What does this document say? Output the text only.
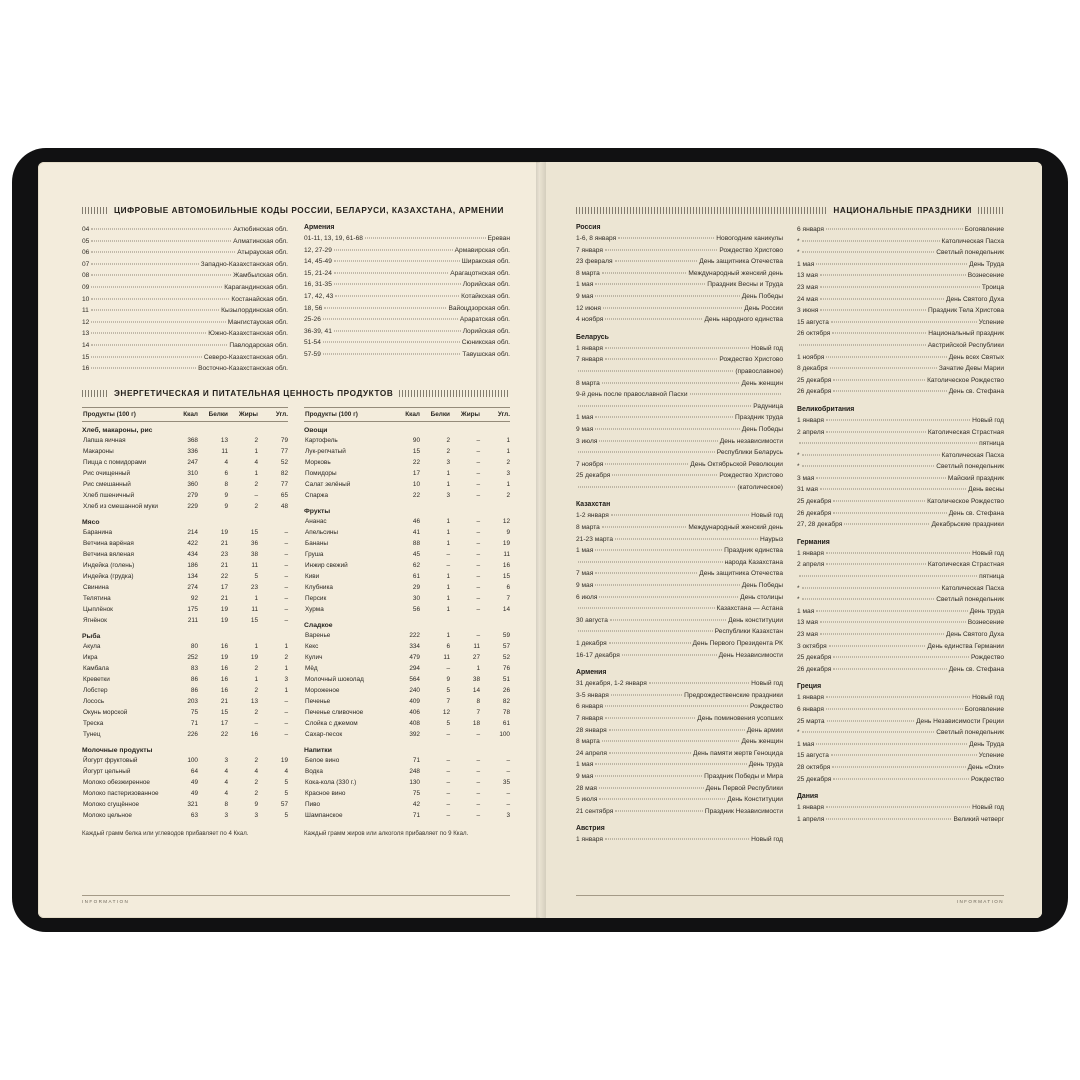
ЦИФРОВЫЕ АВТОМОБИЛЬНЫЕ КОДЫ РОССИИ, БЕЛАРУСИ, КАЗАХСТАНА, АРМЕНИИ
04	Актюбинская обл.
05	Алматинская обл.
06	Атырауская обл.
07	Западно-Казахстанская обл.
08	Жамбылская обл.
09	Карагандинская обл.
10	Костанайская обл.
11	Кызылординская обл.
12	Мангистауская обл.
13	Южно-Казахстанская обл.
14	Павлодарская обл.
15	Северо-Казахстанская обл.
16	Восточно-Казахстанская обл.
Армения
01-11, 13, 19, 61-68	Ереван
12, 27-29	Армавирская обл.
14, 45-49	Ширакская обл.
15, 21-24	Арагацотнская обл.
16, 31-35	Лорийская обл.
17, 42, 43	Котайкская обл.
18, 56	Вайоцдзорская обл.
25-26	Араратская обл.
36-39, 41	Лорийская обл.
51-54	Сюникская обл.
57-59	Тавушская обл.
ЭНЕРГЕТИЧЕСКАЯ И ПИТАТЕЛЬНАЯ ЦЕННОСТЬ ПРОДУКТОВ
Продукты (100 г)	Ккал	Белки	Жиры	Угл.
Хлеб, макароны, рис
Лапша яичная	368	13	2	79
Макароны	336	11	1	77
Пицца с помидорами	247	4	4	52
Рис очищенный	310	6	1	82
Рис смешанный	360	8	2	77
Хлеб пшеничный	279	9	–	65
Хлеб из смешанной муки	229	9	2	48
Мясо
Баранина	214	19	15	–
Ветчина варёная	422	21	36	–
Ветчина вяленая	434	23	38	–
Индейка (голень)	186	21	11	–
Индейка (грудка)	134	22	5	–
Свинина	274	17	23	–
Телятина	92	21	1	–
Цыплёнок	175	19	11	–
Ягнёнок	211	19	15	–
Рыба
Акула	80	16	1	1
Икра	252	19	19	2
Камбала	83	16	2	1
Креветки	86	16	1	3
Лобстер	86	16	2	1
Лосось	203	21	13	–
Окунь морской	75	15	2	–
Треска	71	17	–	–
Тунец	226	22	16	–
Молочные продукты
Йогурт фруктовый	100	3	2	19
Йогурт цельный	64	4	4	4
Молоко обезжиренное	49	4	2	5
Молоко пастеризованное	49	4	2	5
Молоко сгущённое	321	8	9	57
Молоко цельное	63	3	3	5
Продукты (100 г)	Ккал	Белки	Жиры	Угл.
Овощи
Картофель	90	2	–	1
Лук-репчатый	15	2	–	1
Морковь	22	3	–	2
Помидоры	17	1	–	3
Салат зелёный	10	1	–	1
Спаржа	22	3	–	2
Фрукты
Ананас	46	1	–	12
Апельсины	41	1	–	9
Бананы	88	1	–	19
Груша	45	–	–	11
Инжир свежий	62	–	–	16
Киви	61	1	–	15
Клубника	29	1	–	6
Персик	30	1	–	7
Хурма	56	1	–	14
Сладкое
Варенье	222	1	–	59
Кекс	334	6	11	57
Кулич	479	11	27	52
Мёд	294	–	1	76
Молочный шоколад	564	9	38	51
Мороженое	240	5	14	26
Печенье	409	7	8	82
Печенье сливочное	406	12	7	78
Слойка с джемом	408	5	18	61
Сахар-песок	392	–	–	100
Напитки
Белое вино	71	–	–	–
Водка	248	–	–	–
Кока-кола (330 г.)	130	–	–	35
Красное вино	75	–	–	–
Пиво	42	–	–	–
Шампанское	71	–	–	3
Каждый грамм белка или углеводов прибавляет по 4 Ккал.	Каждый грамм жиров или алкоголя прибавляет по 9 Ккал.
INFORMATION
НАЦИОНАЛЬНЫЕ ПРАЗДНИКИ
Россия
1-6, 8 января	Новогодние каникулы
7 января	Рождество Христово
23 февраля	День защитника Отечества
8 марта	Международный женский день
1 мая	Праздник Весны и Труда
9 мая	День Победы
12 июня	День России
4 ноября	День народного единства
Беларусь
1 января	Новый год
7 января	Рождество Христово
(православное)
8 марта	День женщин
9-й день после православной Пасхи
Радуница
1 мая	Праздник труда
9 мая	День Победы
3 июля	День независимости
Республики Беларусь
7 ноября	День Октябрьской Революции
25 декабря	Рождество Христово
(католическое)
Казахстан
1-2 января	Новый год
8 марта	Международный женский день
21-23 марта	Наурыз
1 мая	Праздник единства
народа Казахстана
7 мая	День защитника Отечества
9 мая	День Победы
6 июля	День столицы
Казахстана — Астана
30 августа	День конституции
Республики Казахстан
1 декабря	День Первого Президента РК
16-17 декабря	День Независимости
Армения
31 декабря, 1-2 января	Новый год
3-5 января	Предрождественские праздники
6 января	Рождество
7 января	День поминовения усопших
28 января	День армии
8 марта	День женщин
24 апреля	День памяти жертв Геноцида
1 мая	День труда
9 мая	Праздник Победы и Мира
28 мая	День Первой Республики
5 июля	День Конституции
21 сентября	Праздник Независимости
Австрия
1 января	Новый год
6 января	Богоявление
*	Католическая Пасха
*	Светлый понедельник
1 мая	День Труда
13 мая	Вознесение
23 мая	Троица
24 мая	День Святого Духа
3 июня	Праздник Тела Христова
15 августа	Успение
26 октября	Национальный праздник
Австрийской Республики
1 ноября	День всех Святых
8 декабря	Зачатие Девы Марии
25 декабря	Католическое Рождество
26 декабря	День св. Стефана
Великобритания
1 января	Новый год
2 апреля	Католическая Страстная
пятница
*	Католическая Пасха
*	Светлый понедельник
3 мая	Майский праздник
31 мая	День весны
25 декабря	Католическое Рождество
26 декабря	День св. Стефана
27, 28 декабря	Декабрьские праздники
Германия
1 января	Новый год
2 апреля	Католическая Страстная
пятница
*	Католическая Пасха
*	Светлый понедельник
1 мая	День труда
13 мая	Вознесение
23 мая	День Святого Духа
3 октября	День единства Германии
25 декабря	Рождество
26 декабря	День св. Стефана
Греция
1 января	Новый год
6 января	Богоявление
25 марта	День Независимости Греции
*	Светлый понедельник
1 мая	День Труда
15 августа	Успение
28 октября	День «Охи»
25 декабря	Рождество
Дания
1 января	Новый год
1 апреля	Великий четверг
INFORMATION
